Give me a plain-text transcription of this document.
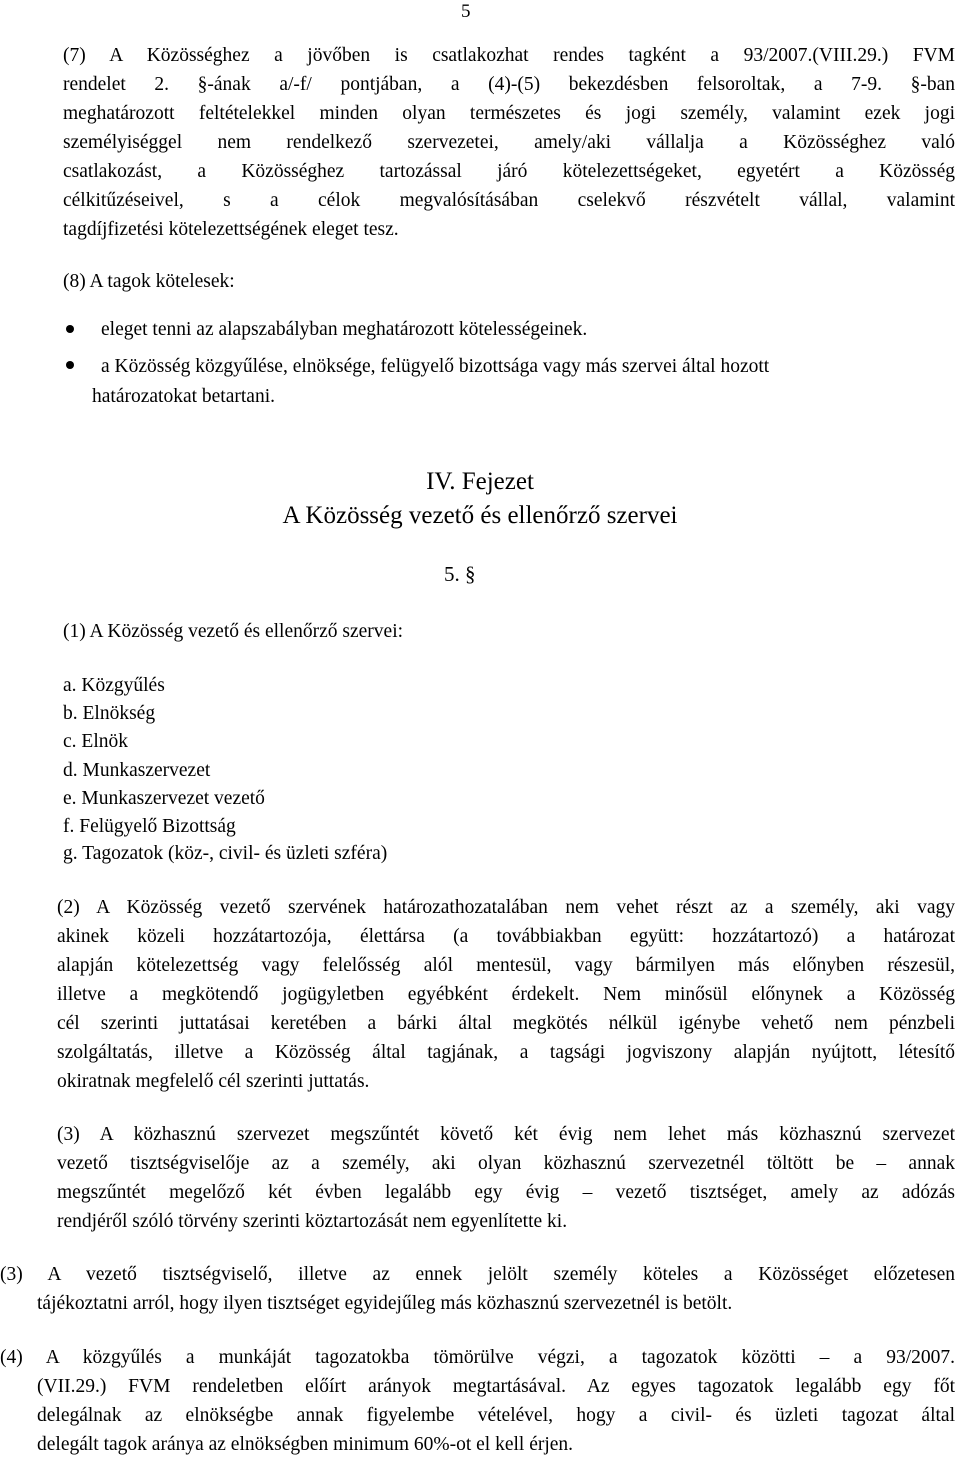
5
(7) A Közösséghez a jövőben is csatlakozhat rendes tagként a 93/2007.(VIII.29.) FVM
rendelet 2. §-ának a/-f/ pontjában, a (4)-(5) bekezdésben felsoroltak, a 7-9. §-ban
meghatározott feltételekkel minden olyan természetes és jogi személy, valamint ezek jogi
személyiséggel nem rendelkező szervezetei, amely/aki vállalja a Közösséghez való
csatlakozást, a Közösséghez tartozással járó kötelezettségeket, egyetért a Közösség
célkitűzéseivel, s a célok megvalósításában cselekvő részvételt vállal, valamint
tagdíjfizetési kötelezettségének eleget tesz.
(8) A tagok kötelesek:
eleget tenni az alapszabályban meghatározott kötelességeinek.
a Közösség közgyűlése, elnöksége, felügyelő bizottsága vagy más szervei által hozott
határozatokat betartani.
IV. Fejezet
A Közösség vezető és ellenőrző szervei
5. §
(1) A Közösség vezető és ellenőrző szervei:
a. Közgyűlés
b. Elnökség
c. Elnök
d. Munkaszervezet
e. Munkaszervezet vezető
f. Felügyelő Bizottság
g. Tagozatok (köz-, civil- és üzleti szféra)
(2) A Közösség vezető szervének határozathozatalában nem vehet részt az a személy, aki vagy
akinek közeli hozzátartozója, élettársa (a továbbiakban együtt: hozzátartozó) a határozat
alapján kötelezettség vagy felelősség alól mentesül, vagy bármilyen más előnyben részesül,
illetve a megkötendő jogügyletben egyébként érdekelt. Nem minősül előnynek a Közösség
cél szerinti juttatásai keretében a bárki által megkötés nélkül igénybe vehető nem pénzbeli
szolgáltatás, illetve a Közösség által tagjának, a tagsági jogviszony alapján nyújtott, létesítő
okiratnak megfelelő cél szerinti juttatás.
(3) A közhasznú szervezet megszűntét követő két évig nem lehet más közhasznú szervezet
vezető tisztségviselője az a személy, aki olyan közhasznú szervezetnél töltött be – annak
megszűntét megelőző két évben legalább egy évig – vezető tisztséget, amely az adózás
rendjéről szóló törvény szerinti köztartozását nem egyenlítette ki.
(3) A vezető tisztségviselő, illetve az ennek jelölt személy köteles a Közösséget előzetesen
tájékoztatni arról, hogy ilyen tisztséget egyidejűleg más közhasznú szervezetnél is betölt.
(4) A közgyűlés a munkáját tagozatokba tömörülve végzi, a tagozatok közötti – a 93/2007.
(VII.29.) FVM rendeletben előírt arányok megtartásával. Az egyes tagozatok legalább egy főt
delegálnak az elnökségbe annak figyelembe vételével, hogy a civil- és üzleti tagozat által
delegált tagok aránya az elnökségben minimum 60%-ot el kell érjen.
